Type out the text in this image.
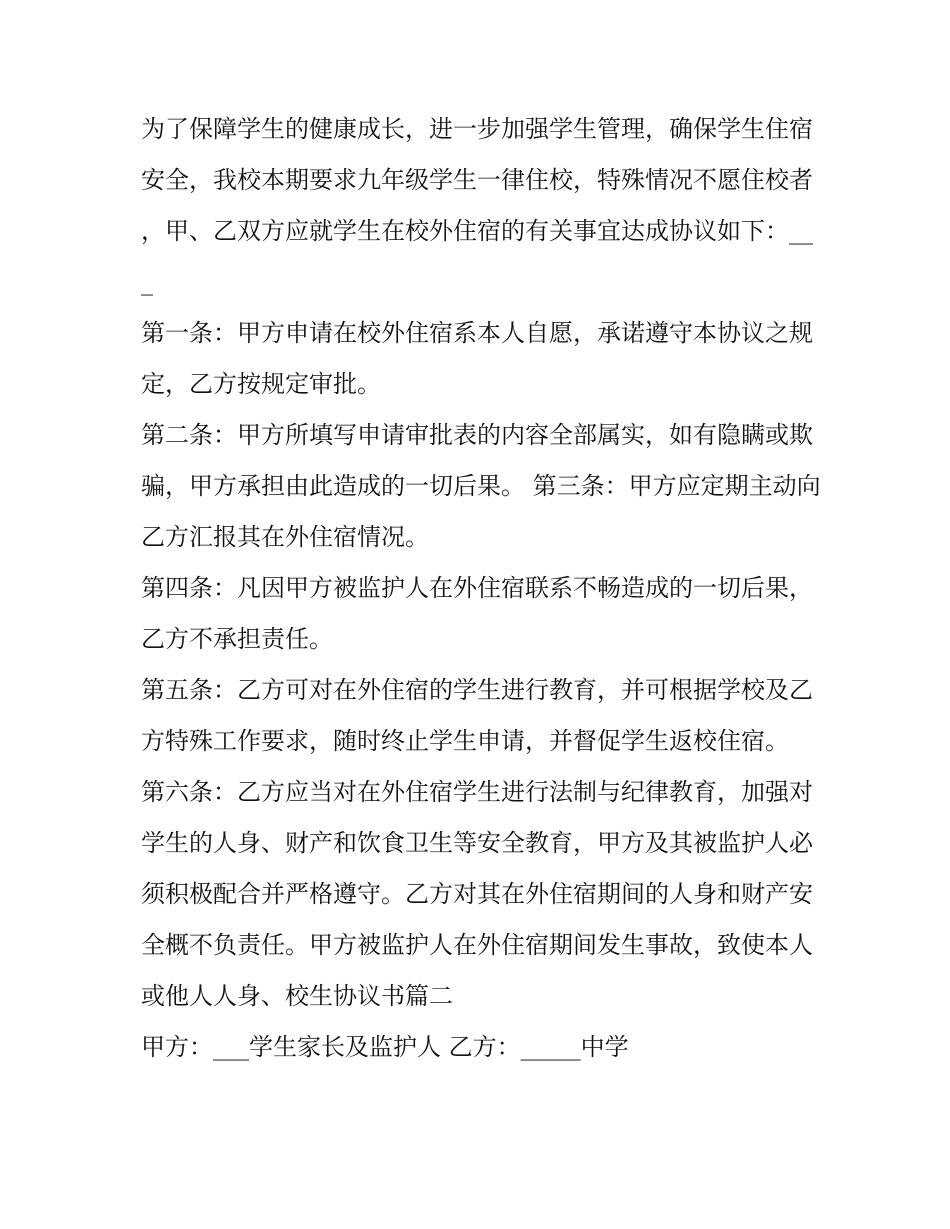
为了保障学生的健康成长，进一步加强学生管理，确保学生住宿安全，我校本期要求九年级学生一律住校，特殊情况不愿住校者，甲、乙双方应就学生在校外住宿的有关事宜达成协议如下：___

第一条：甲方申请在校外住宿系本人自愿，承诺遵守本协议之规定，乙方按规定审批。

第二条：甲方所填写申请审批表的内容全部属实，如有隐瞒或欺骗，甲方承担由此造成的一切后果。 第三条：甲方应定期主动向乙方汇报其在外住宿情况。

第四条：凡因甲方被监护人在外住宿联系不畅造成的一切后果，乙方不承担责任。

第五条：乙方可对在外住宿的学生进行教育，并可根据学校及乙方特殊工作要求，随时终止学生申请，并督促学生返校住宿。

第六条：乙方应当对在外住宿学生进行法制与纪律教育，加强对学生的人身、财产和饮食卫生等安全教育，甲方及其被监护人必须积极配合并严格遵守。乙方对其在外住宿期间的人身和财产安全概不负责任。甲方被监护人在外住宿期间发生事故，致使本人或他人人身、校生协议书篇二

甲方：___学生家长及监护人 乙方：_____中学
